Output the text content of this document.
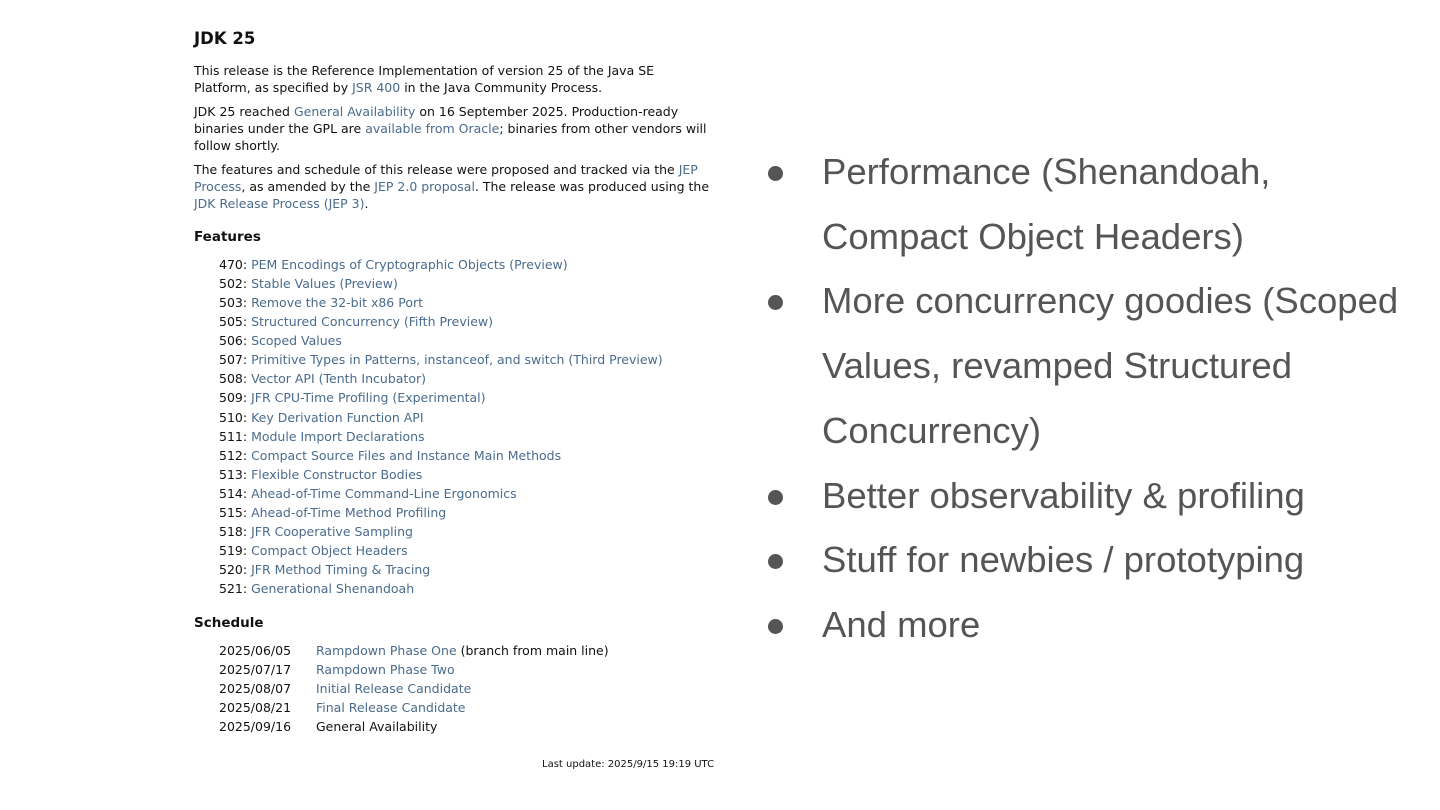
JDK 25

This release is the Reference Implementation of version 25 of the Java SE Platform, as specified by JSR 400 in the Java Community Process.

JDK 25 reached General Availability on 16 September 2025. Production-ready binaries under the GPL are available from Oracle; binaries from other vendors will follow shortly.

The features and schedule of this release were proposed and tracked via the JEP Process, as amended by the JEP 2.0 proposal. The release was produced using the JDK Release Process (JEP 3).

Features
470: PEM Encodings of Cryptographic Objects (Preview)
502: Stable Values (Preview)
503: Remove the 32-bit x86 Port
505: Structured Concurrency (Fifth Preview)
506: Scoped Values
507: Primitive Types in Patterns, instanceof, and switch (Third Preview)
508: Vector API (Tenth Incubator)
509: JFR CPU-Time Profiling (Experimental)
510: Key Derivation Function API
511: Module Import Declarations
512: Compact Source Files and Instance Main Methods
513: Flexible Constructor Bodies
514: Ahead-of-Time Command-Line Ergonomics
515: Ahead-of-Time Method Profiling
518: JFR Cooperative Sampling
519: Compact Object Headers
520: JFR Method Timing & Tracing
521: Generational Shenandoah
Schedule
2025/06/05	Rampdown Phase One (branch from main line)
2025/07/17	Rampdown Phase Two
2025/08/07	Initial Release Candidate
2025/08/21	Final Release Candidate
2025/09/16	General Availability
Last update: 2025/9/15 19:19 UTC
Performance (Shenandoah, Compact Object Headers)
More concurrency goodies (Scoped Values, revamped Structured Concurrency)
Better observability & profiling
Stuff for newbies / prototyping
And more
